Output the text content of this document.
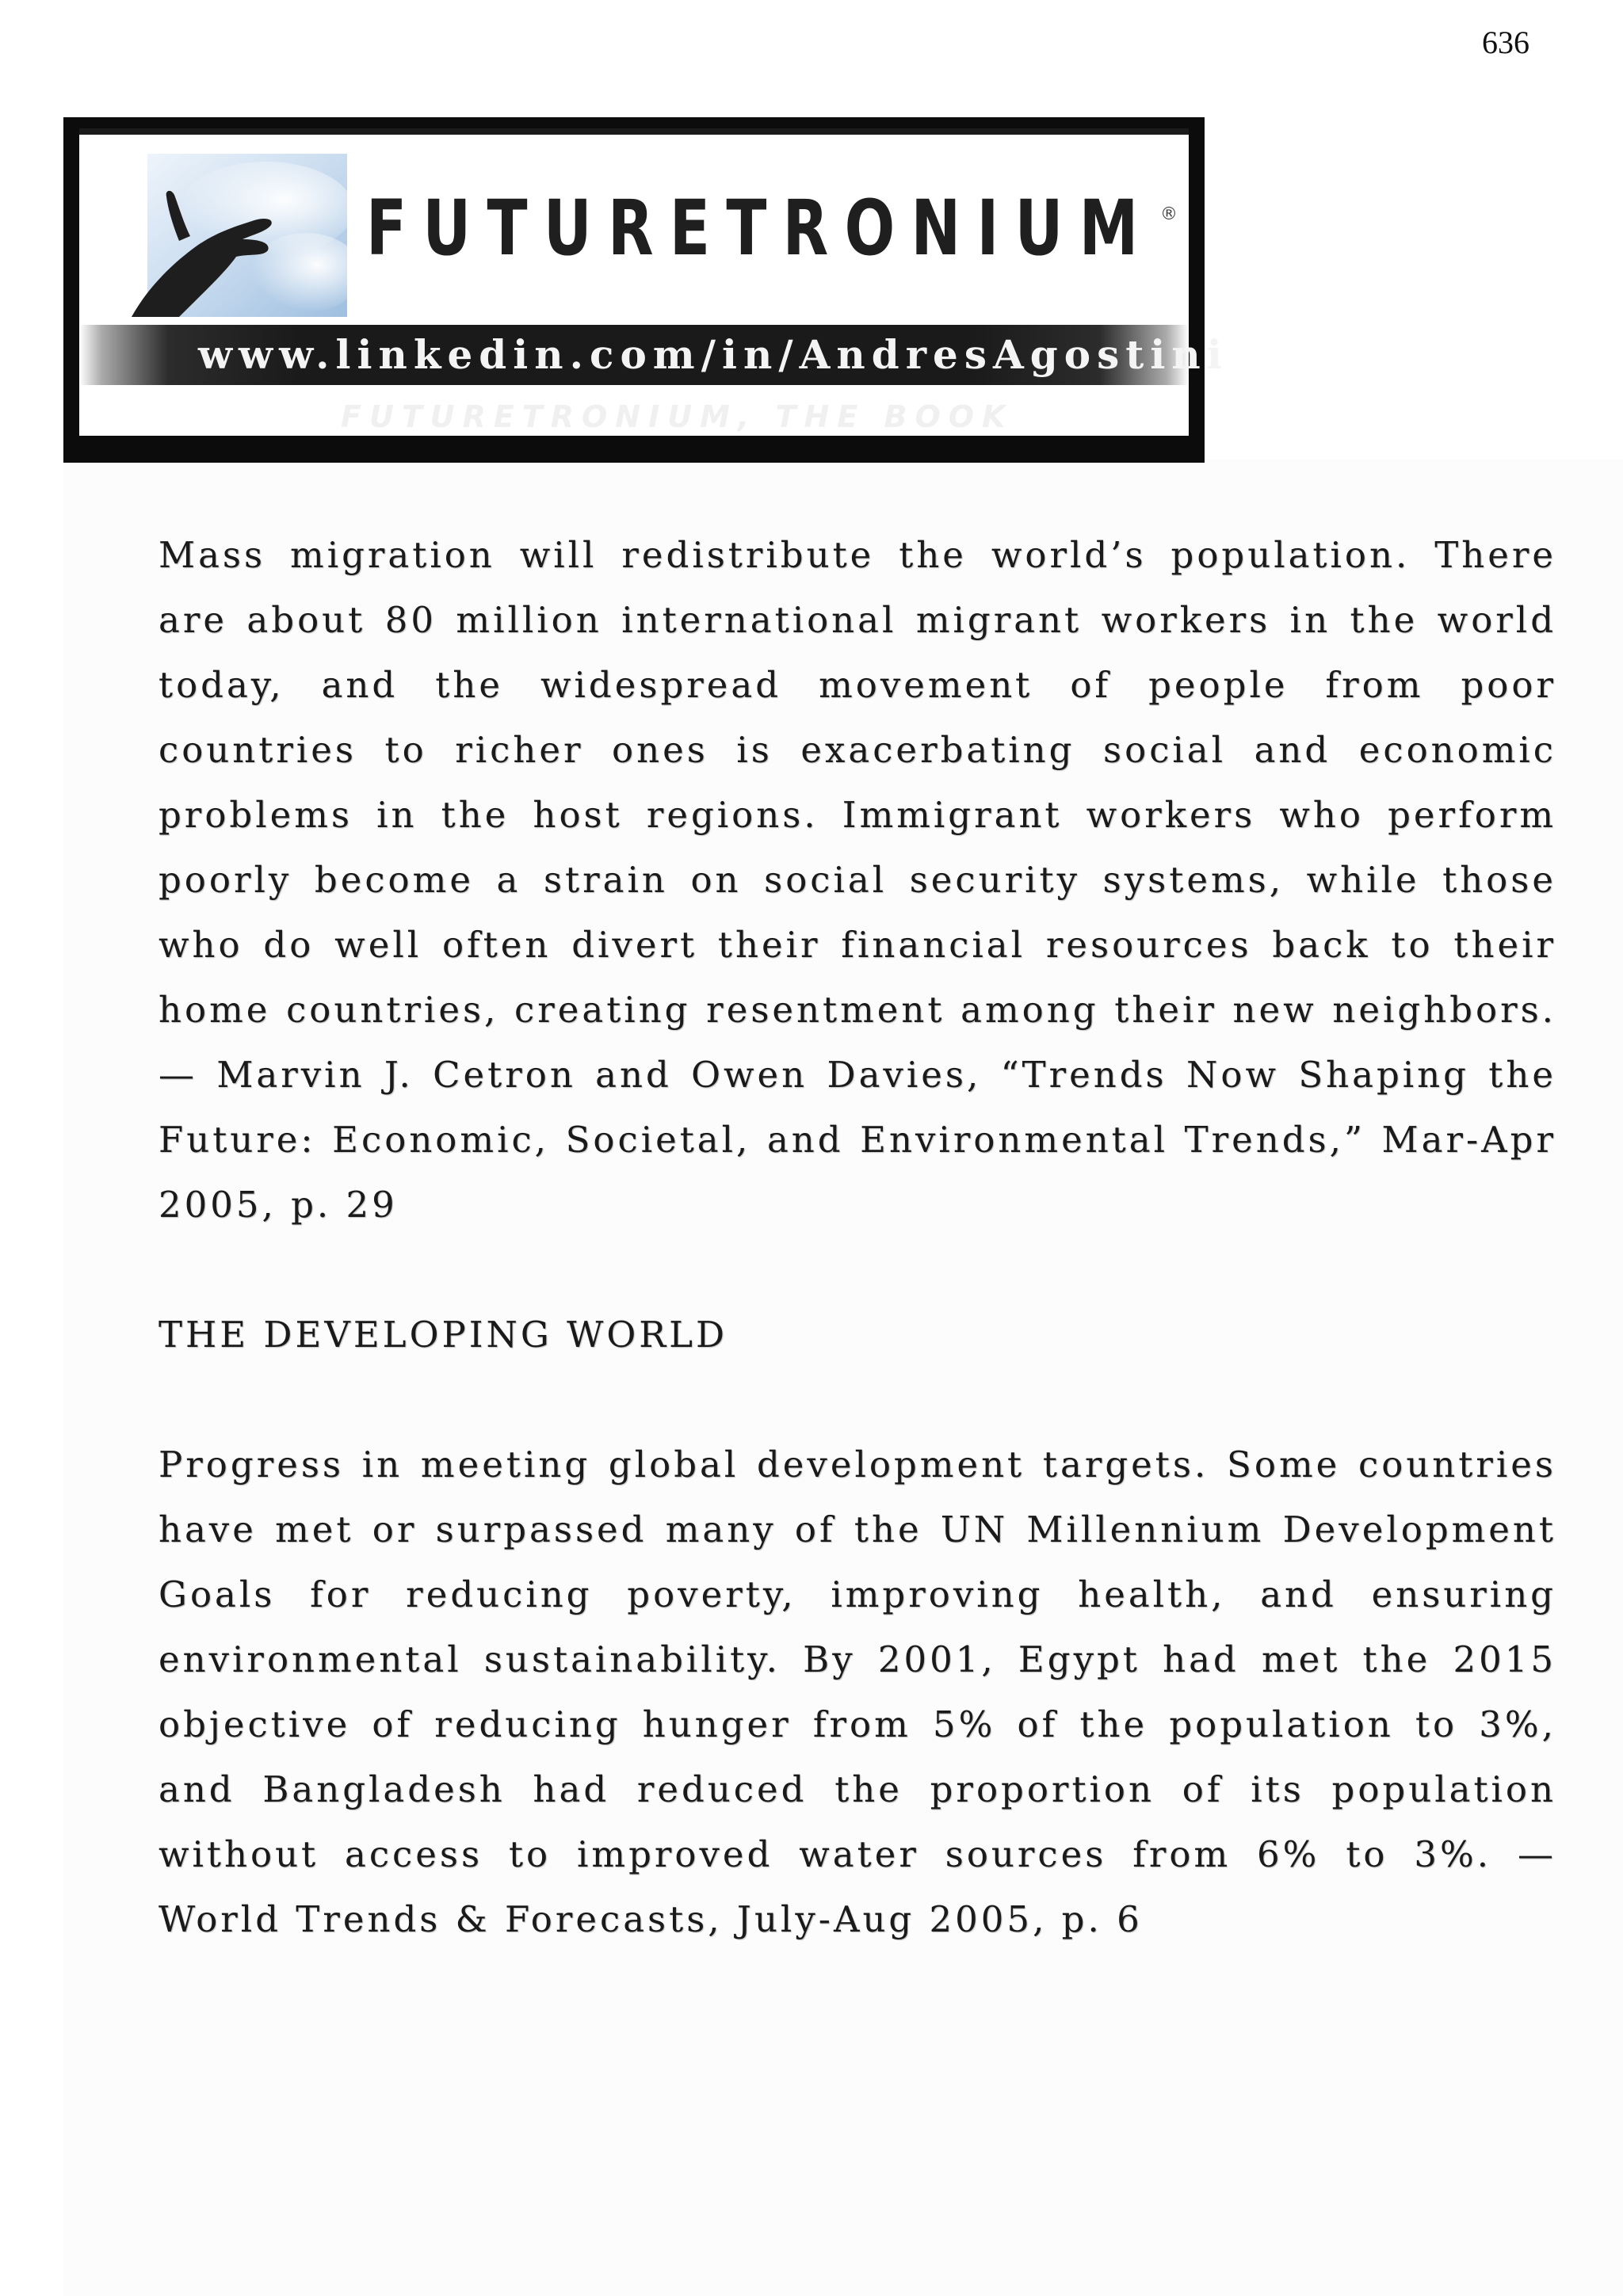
636
FUTURETRONIUM ®
www.linkedin.com/in/AndresAgostini
FUTURETRONIUM, THE BOOK

Mass migration will redistribute the world’s population. There are about 80 million international migrant workers in the world today, and the widespread movement of people from poor countries to richer ones is exacerbating social and economic problems in the host regions. Immigrant workers who perform poorly become a strain on social security systems, while those who do well often divert their financial resources back to their home countries, creating resentment among their new neighbors. — Marvin J. Cetron and Owen Davies, “Trends Now Shaping the Future: Economic, Societal, and Environmental Trends,” Mar-Apr 2005, p. 29

THE DEVELOPING WORLD

Progress in meeting global development targets. Some countries have met or surpassed many of the UN Millennium Development Goals for reducing poverty, improving health, and ensuring environmental sustainability. By 2001, Egypt had met the 2015 objective of reducing hunger from 5% of the population to 3%, and Bangladesh had reduced the proportion of its population without access to improved water sources from 6% to 3%. — World Trends & Forecasts, July-Aug 2005, p. 6
